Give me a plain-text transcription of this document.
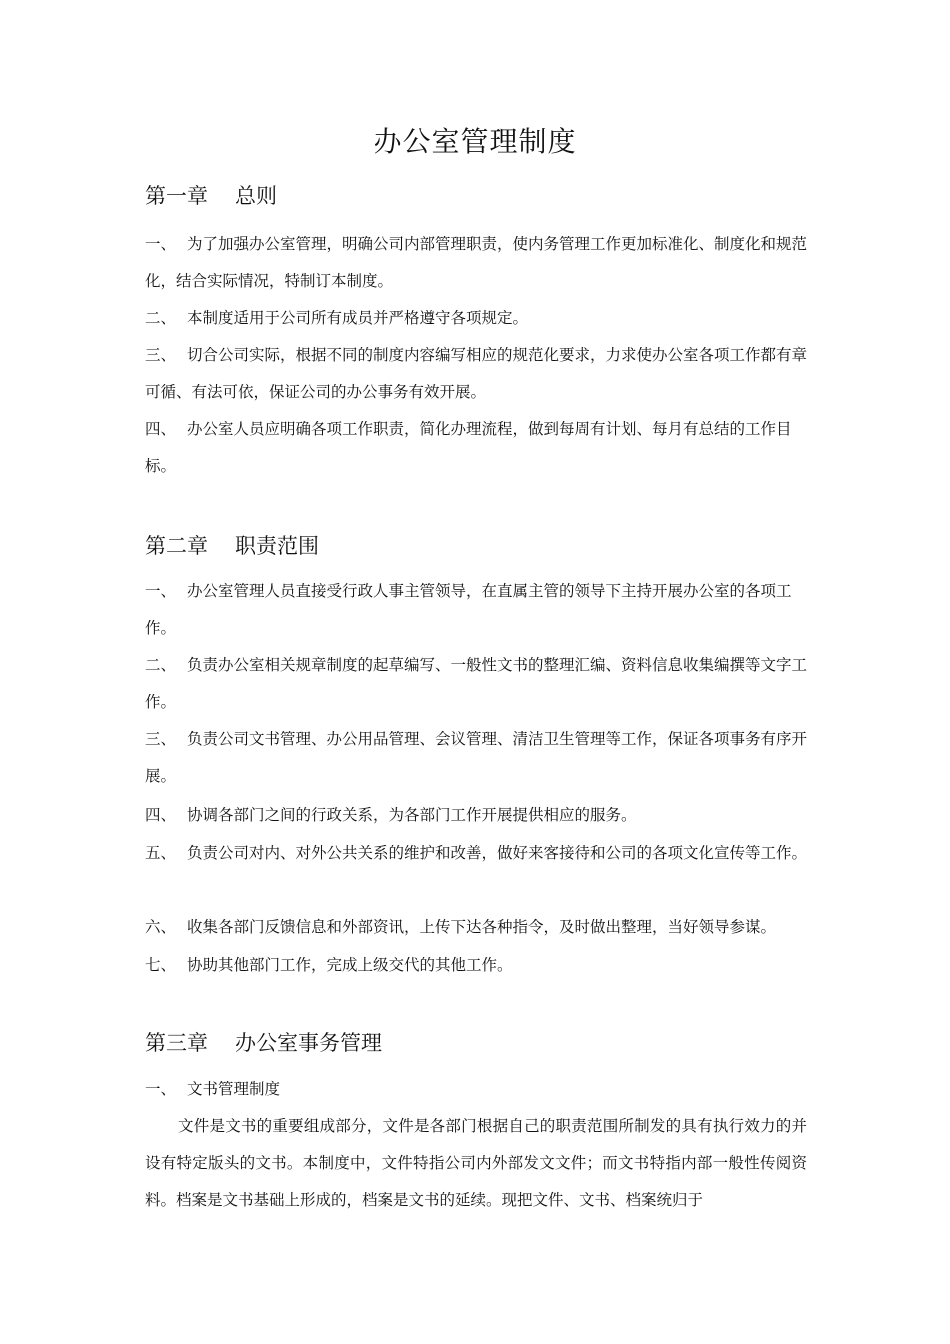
办公室管理制度
第一章 总则
一、 为了加强办公室管理，明确公司内部管理职责，使内务管理工作更加标准化、制度化和规范化，结合实际情况，特制订本制度。
二、 本制度适用于公司所有成员并严格遵守各项规定。
三、 切合公司实际，根据不同的制度内容编写相应的规范化要求，力求使办公室各项工作都有章可循、有法可依，保证公司的办公事务有效开展。
四、 办公室人员应明确各项工作职责，简化办理流程，做到每周有计划、每月有总结的工作目标。
第二章 职责范围
一、 办公室管理人员直接受行政人事主管领导，在直属主管的领导下主持开展办公室的各项工作。
二、 负责办公室相关规章制度的起草编写、一般性文书的整理汇编、资料信息收集编撰等文字工作。
三、 负责公司文书管理、办公用品管理、会议管理、清洁卫生管理等工作，保证各项事务有序开展。
四、 协调各部门之间的行政关系，为各部门工作开展提供相应的服务。
五、 负责公司对内、对外公共关系的维护和改善，做好来客接待和公司的各项文化宣传等工作。
六、 收集各部门反馈信息和外部资讯，上传下达各种指令，及时做出整理，当好领导参谋。
七、 协助其他部门工作，完成上级交代的其他工作。
第三章 办公室事务管理
一、 文书管理制度
文件是文书的重要组成部分，文件是各部门根据自己的职责范围所制发的具有执行效力的并设有特定版头的文书。本制度中，文件特指公司内外部发文文件；而文书特指内部一般性传阅资料。档案是文书基础上形成的，档案是文书的延续。现把文件、文书、档案统归于
